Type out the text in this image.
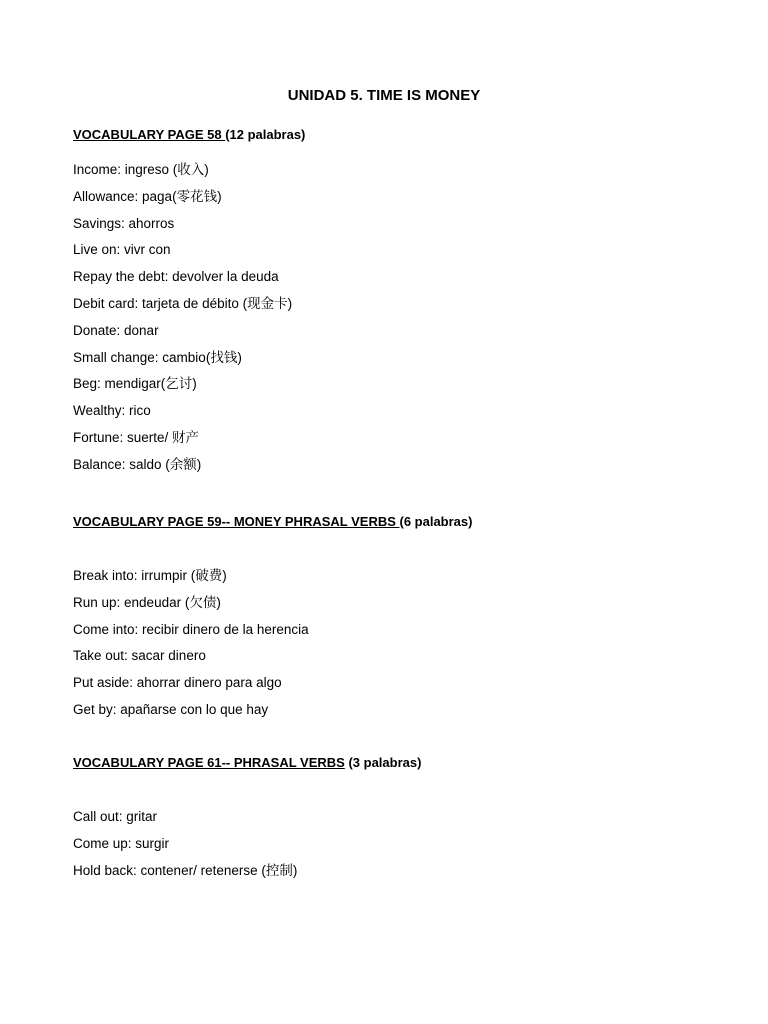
UNIDAD 5. TIME IS MONEY
VOCABULARY PAGE 58 (12 palabras)
Income: ingreso (收入)
Allowance: paga(零花钱)
Savings: ahorros
Live on: vivr con
Repay the debt: devolver la deuda
Debit card: tarjeta de débito (现金卡)
Donate: donar
Small change: cambio(找钱)
Beg: mendigar(乞讨)
Wealthy: rico
Fortune: suerte/ 财产
Balance: saldo (余额)
VOCABULARY PAGE 59-- MONEY PHRASAL VERBS (6 palabras)
Break into: irrumpir (破费)
Run up: endeudar (欠债)
Come into: recibir dinero de la herencia
Take out: sacar dinero
Put aside: ahorrar dinero para algo
Get by: apañarse con lo que hay
VOCABULARY PAGE 61-- PHRASAL VERBS (3 palabras)
Call out: gritar
Come up: surgir
Hold back: contener/ retenerse (控制)
